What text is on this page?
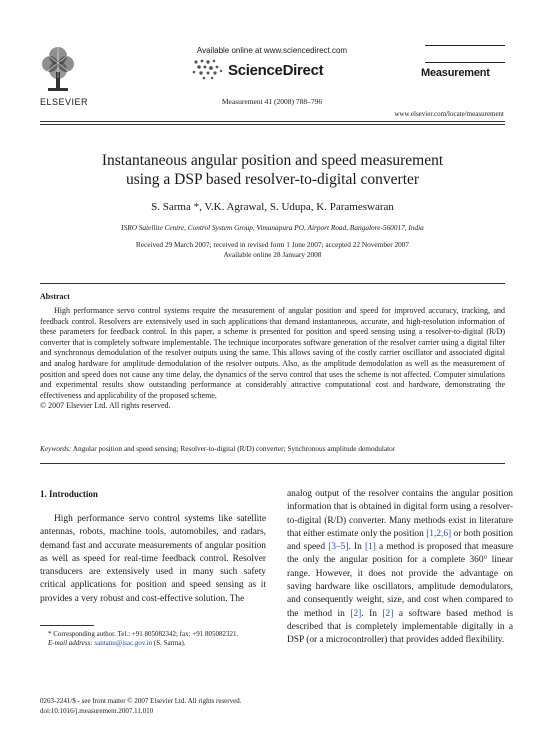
ELSEVIER
Available online at www.sciencedirect.com
ScienceDirect
Measurement 41 (2008) 788–796
Measurement
www.elsevier.com/locate/measurement
Instantaneous angular position and speed measurement
using a DSP based resolver-to-digital converter
S. Sarma *, V.K. Agrawal, S. Udupa, K. Parameswaran
ISRO Satellite Centre, Control System Group, Vimanapura PO, Airport Road, Bangalore-560017, India
Received 29 March 2007; received in revised form 1 June 2007; accepted 22 November 2007
Available online 28 January 2008
Abstract

High performance servo control systems require the measurement of angular position and speed for improved accuracy, tracking, and feedback control. Resolvers are extensively used in such applications that demand instantaneous, accurate, and high-resolution information of these parameters for feedback control. In this paper, a scheme is presented for position and speed sensing using a resolver-to-digital (R/D) converter that is completely software implementable. The technique incorporates software generation of the resolver carrier using a digital filter and synchronous demodulation of the resolver outputs using the same. This allows saving of the costly carrier oscillator and associated digital and analog hardware for amplitude demodulation of the resolver outputs. Also, as the amplitude demodulation as well as the measurement of position and speed does not cause any time delay, the dynamics of the servo control that uses the scheme is not affected. Computer simulations and experimental results show outstanding performance at considerably attractive computational cost and hardware, demonstrating the effectiveness and applicability of the proposed scheme.

© 2007 Elsevier Ltd. All rights reserved.

Keywords: Angular position and speed sensing; Resolver-to-digital (R/D) converter; Synchronous amplitude demodulator
1. Introduction

High performance servo control systems like satellite antennas, robots, machine tools, automobiles, and radars, demand fast and accurate measurements of angular position as well as speed for real-time feedback control. Resolver transducers are extensively used in many such safety critical applications for position and speed sensing as it provides a very robust and cost-effective solution. The

analog output of the resolver contains the angular position information that is obtained in digital form using a resolver-to-digital (R/D) converter. Many methods exist in literature that either estimate only the position [1,2,6] or both position and speed [3–5]. In [1] a method is proposed that measure the only the angular position for a complete 360° linear range. However, it does not provide the advantage on saving hardware like oscillators, amplitude demodulators, and consequently weight, size, and cost when compared to the method in [2]. In [2] a software based method is described that is completely implementable digitally in a DSP (or a microcontroller) that provides added flexibility.

* Corresponding author. Tel.: +91 805082342; fax: +91 805082321.

E-mail address: santanu@isac.gov.in (S. Sarma).

0263-2241/$ - see front matter © 2007 Elsevier Ltd. All rights reserved.
doi:10.1016/j.measurement.2007.11.010
